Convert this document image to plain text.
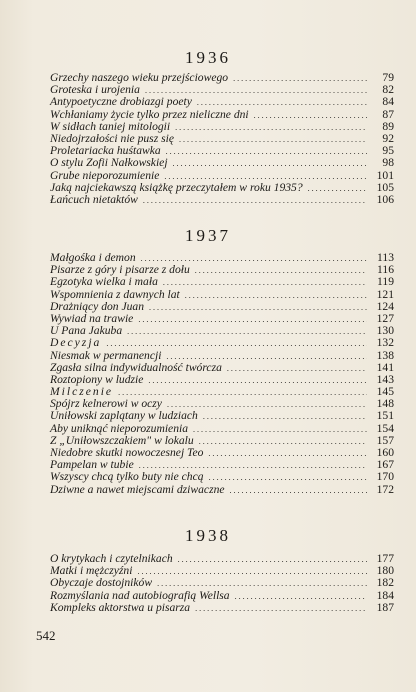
1936
Grzechy naszego wieku przejściowego . . .	79
Groteska i urojenia . . .	82
Antypoetyczne drobiazgi poety . . .	84
Wchłaniamy życie tylko przez nieliczne dni . . .	87
W sidłach taniej mitologii . . .	89
Niedojrzałości nie pusz się . . .	92
Proletariacka huśtawka . . .	95
O stylu Zofii Nałkowskiej . . .	98
Grube nieporozumienie . . .	101
Jaką najciekawszą książkę przeczytałem w roku 1935? . . .	105
Łańcuch nietaktów . . .	106
1937
Małgośka i demon . . .	113
Pisarze z góry i pisarze z dołu . . .	116
Egzotyka wielka i mała . . .	119
Wspomnienia z dawnych lat . . .	121
Drażniący don Juan . . .	124
Wywiad na trawie . . .	127
U Pana Jakuba . . .	130
Decyzja . . .	132
Niesmak w permanencji . . .	138
Zgasła silna indywidualność twórcza . . .	141
Roztopiony w ludzie . . .	143
Milczenie . . .	145
Spójrz kelnerowi w oczy . . .	148
Uniłowski zaplątany w ludziach . . .	151
Aby uniknąć nieporozumienia . . .	154
Z „Uniłowszczakiem" w lokalu . . .	157
Niedobre skutki nowoczesnej Teo . . .	160
Pampelan w tubie . . .	167
Wszyscy chcą tylko buty nie chcą . . .	170
Dziwne a nawet miejscami dziwaczne . . .	172
1938
O krytykach i czytelnikach . . .	177
Matki i mężczyźni . . .	180
Obyczaje dostojników . . .	182
Rozmyślania nad autobiografią Wellsa . . .	184
Kompleks aktorstwa u pisarza . . .	187
542
